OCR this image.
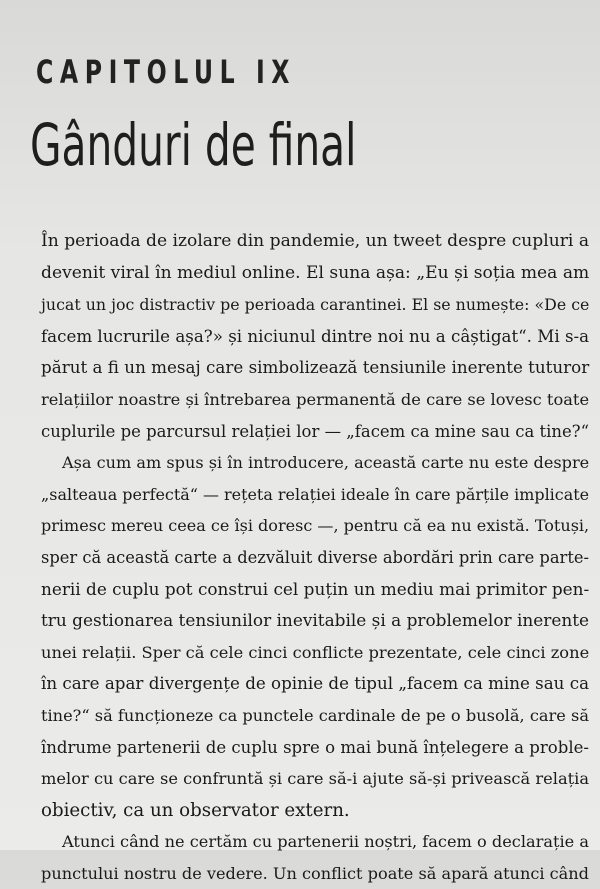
CAPITOLUL IX
Gânduri de final
În perioada de izolare din pandemie, un tweet despre cupluri a
devenit viral în mediul online. El suna așa: „Eu și soția mea am
jucat un joc distractiv pe perioada carantinei. El se numește: «De ce
facem lucrurile așa?» și niciunul dintre noi nu a câștigat“. Mi s-a
părut a fi un mesaj care simbolizează tensiunile inerente tuturor
relațiilor noastre și întrebarea permanentă de care se lovesc toate
cuplurile pe parcursul relației lor — „facem ca mine sau ca tine?“
Așa cum am spus și în introducere, această carte nu este despre
„salteaua perfectă“ — rețeta relației ideale în care părțile implicate
primesc mereu ceea ce își doresc —, pentru că ea nu există. Totuși,
sper că această carte a dezvăluit diverse abordări prin care parte-
nerii de cuplu pot construi cel puțin un mediu mai primitor pen-
tru gestionarea tensiunilor inevitabile și a problemelor inerente
unei relații. Sper că cele cinci conflicte prezentate, cele cinci zone
în care apar divergențe de opinie de tipul „facem ca mine sau ca
tine?“ să funcționeze ca punctele cardinale de pe o busolă, care să
îndrume partenerii de cuplu spre o mai bună înțelegere a proble-
melor cu care se confruntă și care să-i ajute să-și privească relația
obiectiv, ca un observator extern.
Atunci când ne certăm cu partenerii noștri, facem o declarație a
punctului nostru de vedere. Un conflict poate să apară atunci când
